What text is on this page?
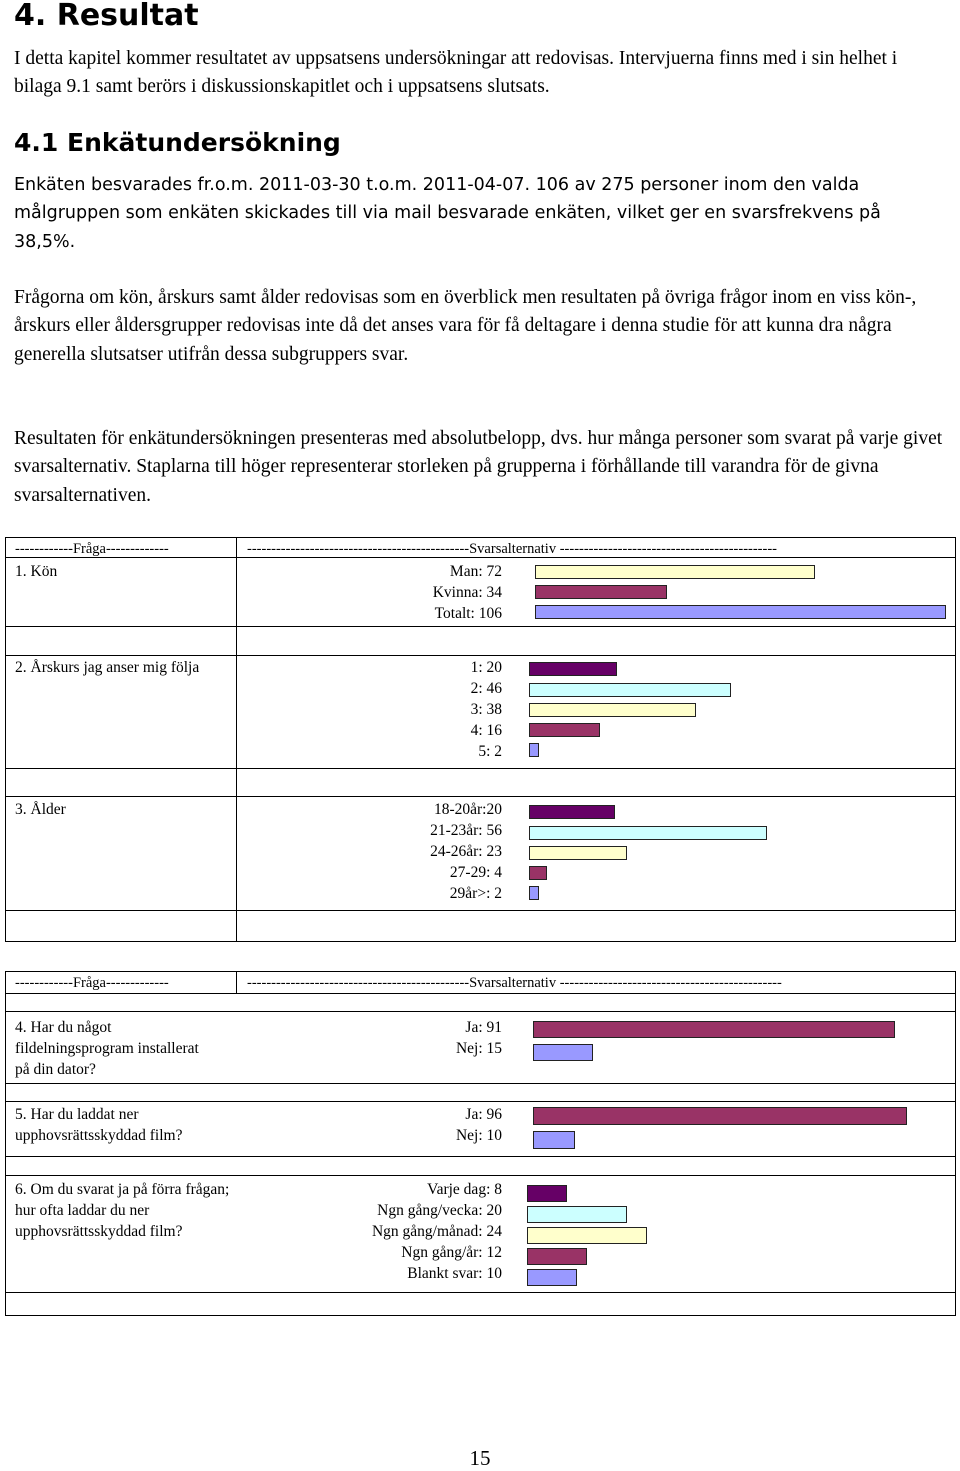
4. Resultat

I detta kapitel kommer resultatet av uppsatsens undersökningar att redovisas. Intervjuerna finns med i sin helhet i bilaga 9.1 samt berörs i diskussionskapitlet och i uppsatsens slutsats.

4.1 Enkätundersökning

Enkäten besvarades fr.o.m. 2011-03-30 t.o.m. 2011-04-07. 106 av 275 personer inom den valda målgruppen som enkäten skickades till via mail besvarade enkäten, vilket ger en svarsfrekvens på 38,5%.

Frågorna om kön, årskurs samt ålder redovisas som en överblick men resultaten på övriga frågor inom en viss kön-, årskurs eller åldersgrupper redovisas inte då det anses vara för få deltagare i denna studie för att kunna dra några generella slutsatser utifrån dessa subgruppers svar.

Resultaten för enkätundersökningen presenteras med absolutbelopp, dvs. hur många personer som svarat på varje givet svarsalternativ. Staplarna till höger representerar storleken på grupperna i förhållande till varandra för de givna svarsalternativen.

------------Fråga-------------	----------------------------------------------Svarsalternativ ---------------------------------------------
1. Kön	Man: 72
Kvinna: 34
Totalt: 106
2. Årskurs jag anser mig följa	1: 20
2: 46
3: 38
4: 16
5: 2
3. Ålder	18-20år:20
21-23år: 56
24-26år: 23
27-29: 4
29år>: 2
------------Fråga-------------	----------------------------------------------Svarsalternativ ----------------------------------------------
4. Har du något fildelningsprogram installerat på din dator?
Ja: 91
Nej: 15
5. Har du laddat ner upphovsrättsskyddad film?
Ja: 96
Nej: 10
6. Om du svarat ja på förra frågan; hur ofta laddar du ner upphovsrättsskyddad film?
Varje dag: 8
Ngn gång/vecka: 20
Ngn gång/månad: 24
Ngn gång/år: 12
Blankt svar: 10
15
